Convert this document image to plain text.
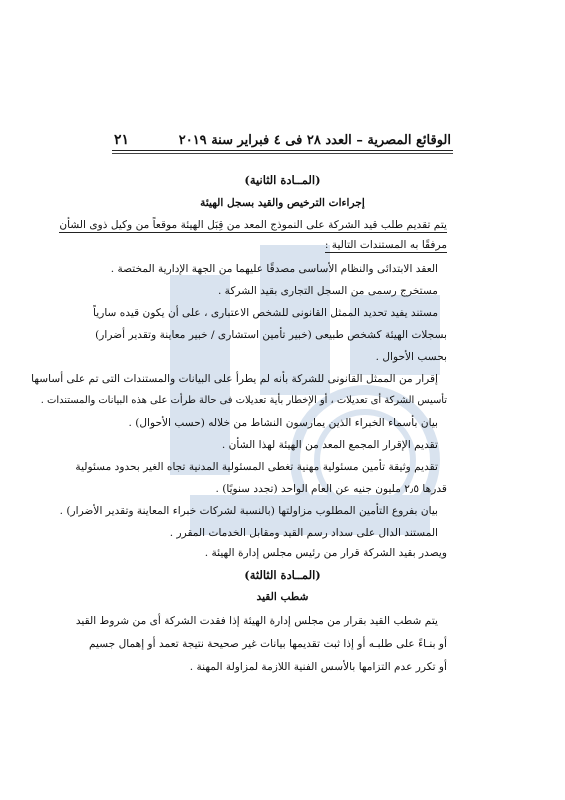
الوقائع المصرية – العدد ٢٨ فى ٤ فبراير سنة ٢٠١٩
٢١
(المــادة الثانية)
إجراءات الترخيص والقيد بسجل الهيئة
يتم تقديم طلب قيد الشركة على النموذج المعد من قِبَل الهيئة موقعاً من وكيل ذوى الشأن
مرفقًا به المستندات التالية :
العقد الابتدائى والنظام الأساسى مصدقًا عليهما من الجهة الإدارية المختصة .
مستخرج رسمى من السجل التجارى بقيد الشركة .
مستند يفيد تحديد الممثل القانونى للشخص الاعتبارى ، على أن يكون قيده سارياً
بسجلات الهيئة كشخص طبيعى (خبير تأمين استشارى / خبير معاينة وتقدير أضرار)
بحسب الأحوال .
إقرار من الممثل القانونى للشركة بأنه لم يطرأ على البيانات والمستندات التى تم على أساسها
تأسيس الشركة أى تعديلات ، أو الإخطار بأية تعديلات فى حالة طرأت على هذه البيانات والمستندات .
بيان بأسماء الخبراء الذين يمارسون النشاط من خلاله (حسب الأحوال) .
تقديم الإقرار المجمع المعد من الهيئة لهذا الشأن .
تقديم وثيقة تأمين مسئولية مهنية تغطى المسئولية المدنية تجاه الغير بحدود مسئولية
قدرها ٢٫٥ مليون جنيه عن العام الواحد (تجدد سنويًا) .
بيان بفروع التأمين المطلوب مزاولتها (بالنسبة لشركات خبراء المعاينة وتقدير الأضرار) .
المستند الدال على سداد رسم القيد ومقابل الخدمات المقرر .
ويصدر بقيد الشركة قرار من رئيس مجلس إدارة الهيئة .
(المــادة الثالثة)
شطب القيد
يتم شطب القيد بقرار من مجلس إدارة الهيئة إذا فقدت الشركة أى من شروط القيد
أو بنـاءً على طلبـه أو إذا ثبت تقديمها بيانات غير صحيحة نتيجة تعمد أو إهمال جسيم
أو تكرر عدم التزامها بالأسس الفنية اللازمة لمزاولة المهنة .
